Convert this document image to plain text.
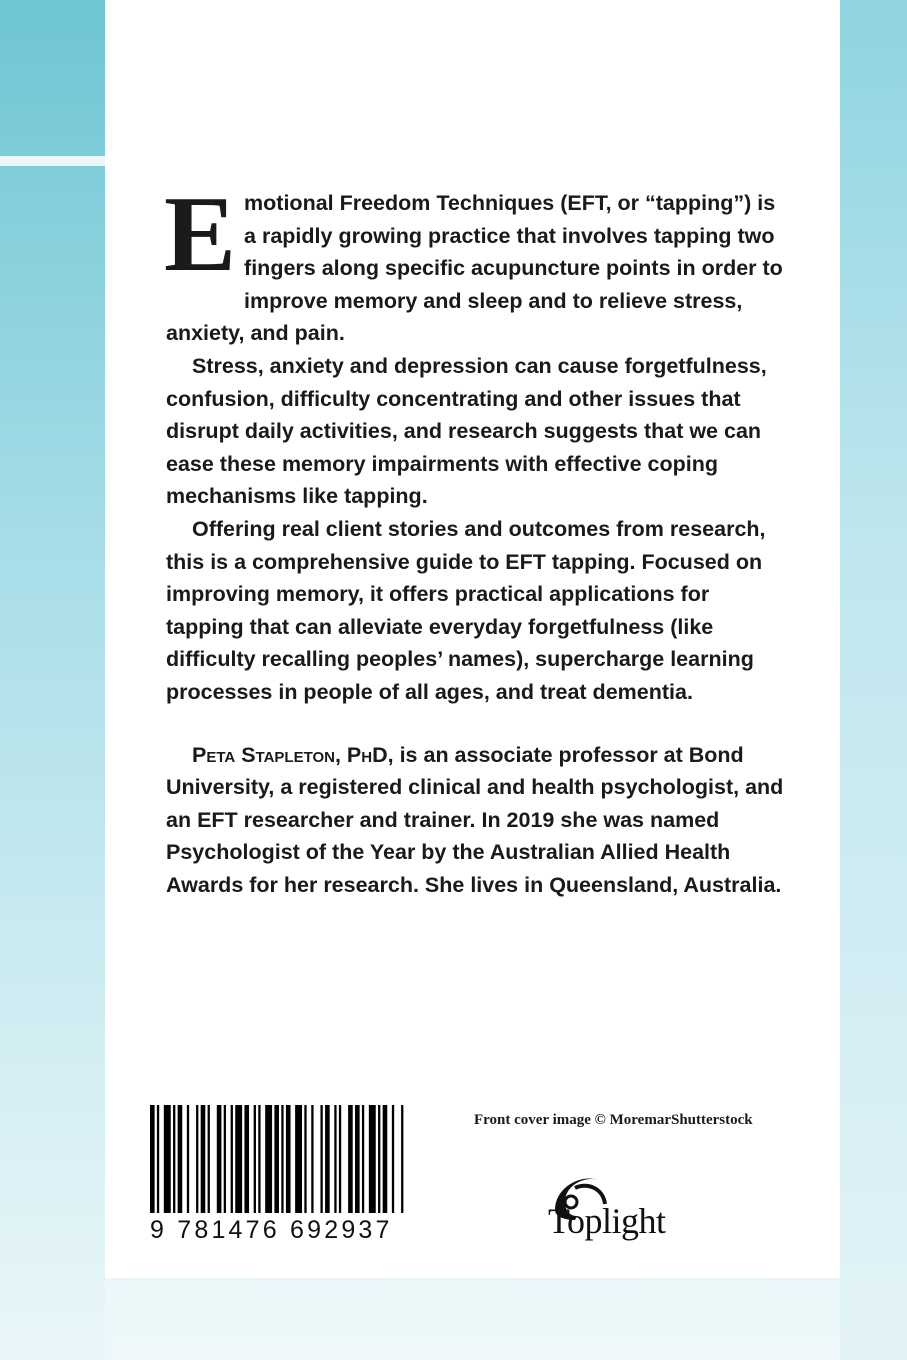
Emotional Freedom Techniques (EFT, or “tapping”) is a rapidly growing practice that involves tapping two fingers along specific acupuncture points in order to improve memory and sleep and to relieve stress, anxiety, and pain.

Stress, anxiety and depression can cause forgetfulness, confusion, difficulty concentrating and other issues that disrupt daily activities, and research suggests that we can ease these memory impairments with effective coping mechanisms like tapping.

Offering real client stories and outcomes from research, this is a comprehensive guide to EFT tapping. Focused on improving memory, it offers practical applications for tapping that can alleviate everyday forgetfulness (like difficulty recalling peoples’ names), supercharge learning processes in people of all ages, and treat dementia.

Peta Stapleton, PhD, is an associate professor at Bond University, a registered clinical and health psychologist, and an EFT researcher and trainer. In 2019 she was named Psychologist of the Year by the Australian Allied Health Awards for her research. She lives in Queensland, Australia.

9 781476 692937
Front cover image © MoremarShutterstock
Toplight
